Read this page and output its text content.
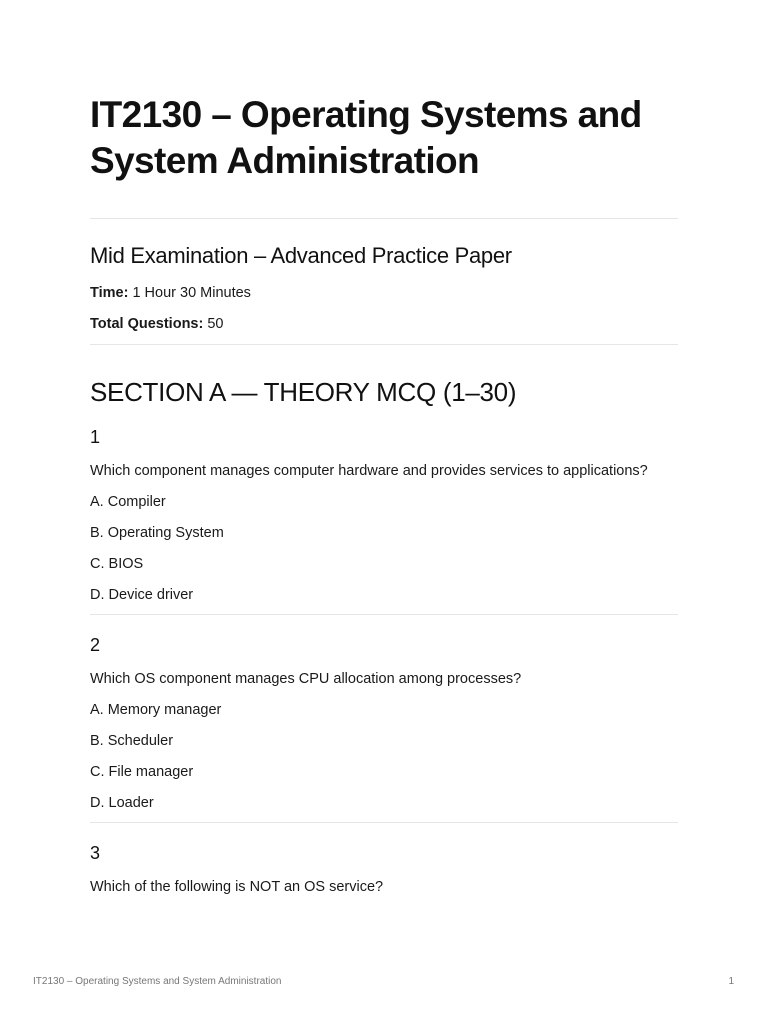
IT2130 – Operating Systems and System Administration
Mid Examination – Advanced Practice Paper

Time: 1 Hour 30 Minutes

Total Questions: 50

SECTION A — THEORY MCQ (1–30)

1

Which component manages computer hardware and provides services to applications?

A. Compiler

B. Operating System

C. BIOS

D. Device driver

2

Which OS component manages CPU allocation among processes?

A. Memory manager

B. Scheduler

C. File manager

D. Loader

3

Which of the following is NOT an OS service?

IT2130 – Operating Systems and System Administration	1
